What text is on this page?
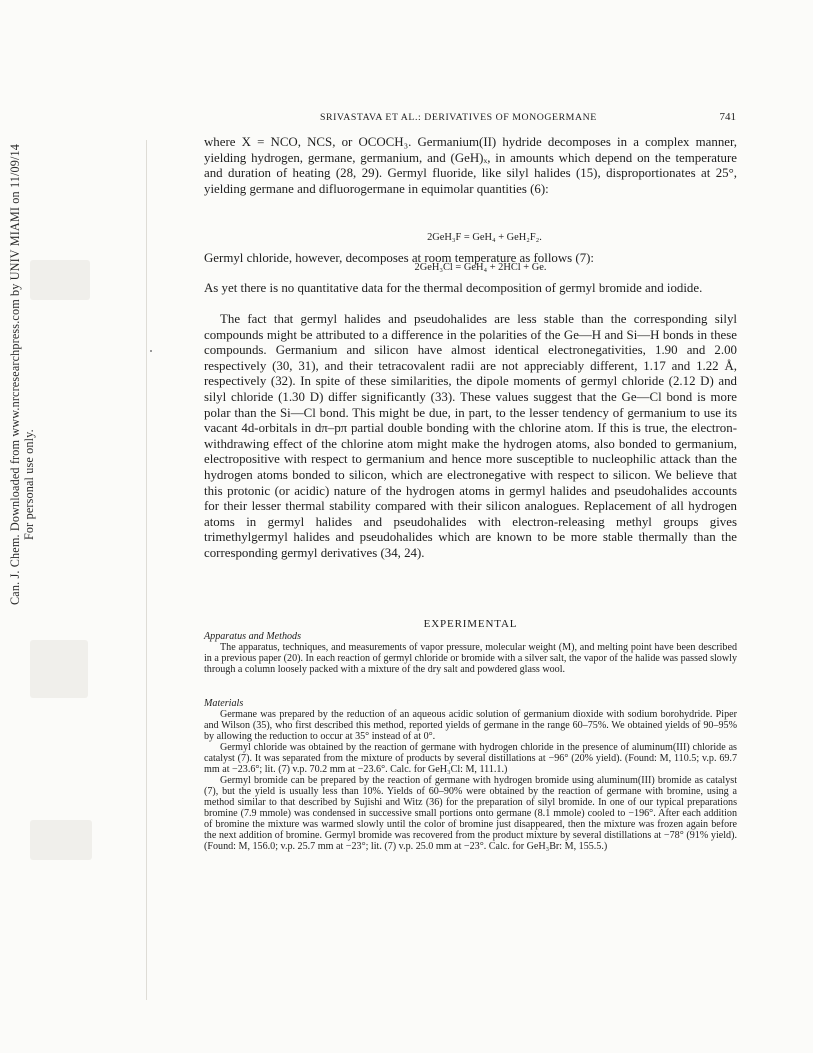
Can. J. Chem. Downloaded from www.nrcresearchpress.com by UNIV MIAMI on 11/09/14 For personal use only.
SRIVASTAVA ET AL.: DERIVATIVES OF MONOGERMANE	741

where X = NCO, NCS, or OCOCH₃. Germanium(II) hydride decomposes in a complex manner, yielding hydrogen, germane, germanium, and (GeH)ₓ, in amounts which depend on the temperature and duration of heating (28, 29). Germyl fluoride, like silyl halides (15), disproportionates at 25°, yielding germane and difluorogermane in equimolar quantities (6):

2GeH₃F = GeH₄ + GeH₂F₂.

Germyl chloride, however, decomposes at room temperature as follows (7):

2GeH₃Cl = GeH₄ + 2HCl + Ge.

As yet there is no quantitative data for the thermal decomposition of germyl bromide and iodide.

The fact that germyl halides and pseudohalides are less stable than the corresponding silyl compounds might be attributed to a difference in the polarities of the Ge—H and Si—H bonds in these compounds. Germanium and silicon have almost identical electronegativities, 1.90 and 2.00 respectively (30, 31), and their tetracovalent radii are not appreciably different, 1.17 and 1.22 Å, respectively (32). In spite of these similarities, the dipole moments of germyl chloride (2.12 D) and silyl chloride (1.30 D) differ significantly (33). These values suggest that the Ge—Cl bond is more polar than the Si—Cl bond. This might be due, in part, to the lesser tendency of germanium to use its vacant 4d-orbitals in dπ–pπ partial double bonding with the chlorine atom. If this is true, the electron-withdrawing effect of the chlorine atom might make the hydrogen atoms, also bonded to germanium, electropositive with respect to germanium and hence more susceptible to nucleophilic attack than the hydrogen atoms bonded to silicon, which are electronegative with respect to silicon. We believe that this protonic (or acidic) nature of the hydrogen atoms in germyl halides and pseudohalides accounts for their lesser thermal stability compared with their silicon analogues. Replacement of all hydrogen atoms in germyl halides and pseudohalides with electron-releasing methyl groups gives trimethylgermyl halides and pseudohalides which are known to be more stable thermally than the corresponding germyl derivatives (34, 24).

EXPERIMENTAL

Apparatus and Methods

The apparatus, techniques, and measurements of vapor pressure, molecular weight (M), and melting point have been described in a previous paper (20). In each reaction of germyl chloride or bromide with a silver salt, the vapor of the halide was passed slowly through a column loosely packed with a mixture of the dry salt and powdered glass wool.

Materials

Germane was prepared by the reduction of an aqueous acidic solution of germanium dioxide with sodium borohydride. Piper and Wilson (35), who first described this method, reported yields of germane in the range 60–75%. We obtained yields of 90–95% by allowing the reduction to occur at 35° instead of at 0°.

Germyl chloride was obtained by the reaction of germane with hydrogen chloride in the presence of aluminum(III) chloride as catalyst (7). It was separated from the mixture of products by several distillations at −96° (20% yield). (Found: M, 110.5; v.p. 69.7 mm at −23.6°; lit. (7) v.p. 70.2 mm at −23.6°. Calc. for GeH₃Cl: M, 111.1.)

Germyl bromide can be prepared by the reaction of germane with hydrogen bromide using aluminum(III) bromide as catalyst (7), but the yield is usually less than 10%. Yields of 60–90% were obtained by the reaction of germane with bromine, using a method similar to that described by Sujishi and Witz (36) for the preparation of silyl bromide. In one of our typical preparations bromine (7.9 mmole) was condensed in successive small portions onto germane (8.1 mmole) cooled to −196°. After each addition of bromine the mixture was warmed slowly until the color of bromine just disappeared, then the mixture was frozen again before the next addition of bromine. Germyl bromide was recovered from the product mixture by several distillations at −78° (91% yield). (Found: M, 156.0; v.p. 25.7 mm at −23°; lit. (7) v.p. 25.0 mm at −23°. Calc. for GeH₃Br: M, 155.5.)
